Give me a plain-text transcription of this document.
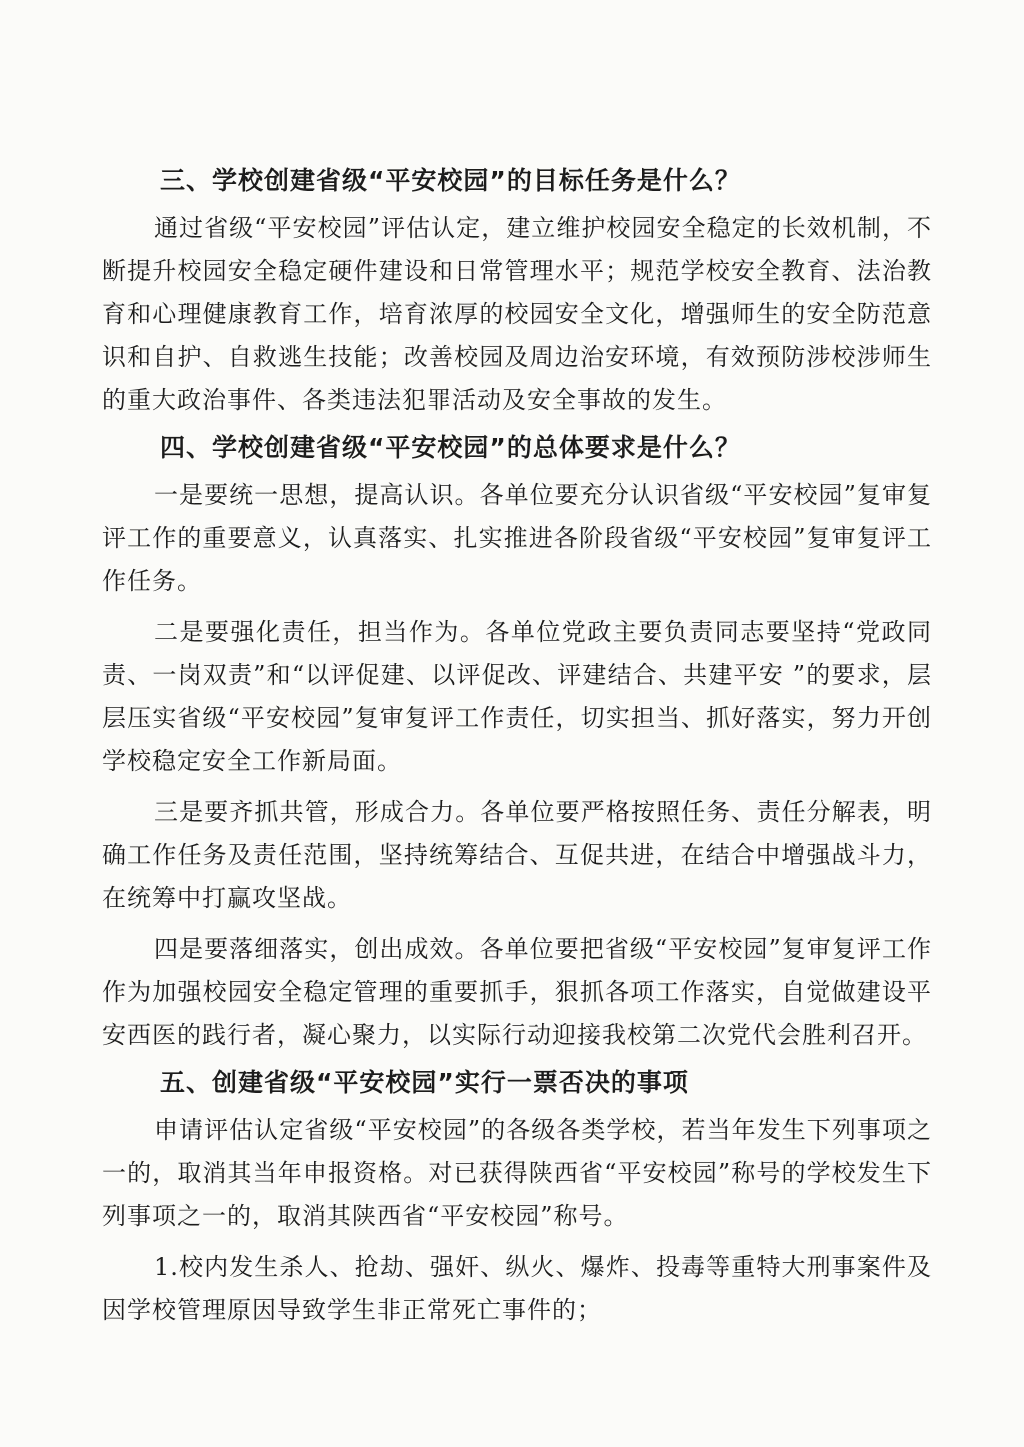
三、学校创建省级“平安校园”的目标任务是什么？

通过省级“平安校园”评估认定，建立维护校园安全稳定的长效机制，不断提升校园安全稳定硬件建设和日常管理水平；规范学校安全教育、法治教育和心理健康教育工作，培育浓厚的校园安全文化，增强师生的安全防范意识和自护、自救逃生技能；改善校园及周边治安环境，有效预防涉校涉师生的重大政治事件、各类违法犯罪活动及安全事故的发生。

四、学校创建省级“平安校园”的总体要求是什么？

一是要统一思想，提高认识。各单位要充分认识省级“平安校园”复审复评工作的重要意义，认真落实、扎实推进各阶段省级“平安校园”复审复评工作任务。

二是要强化责任，担当作为。各单位党政主要负责同志要坚持“党政同责、一岗双责”和“以评促建、以评促改、评建结合、共建平安 ”的要求，层层压实省级“平安校园”复审复评工作责任，切实担当、抓好落实，努力开创学校稳定安全工作新局面。

三是要齐抓共管，形成合力。各单位要严格按照任务、责任分解表，明确工作任务及责任范围，坚持统筹结合、互促共进，在结合中增强战斗力，在统筹中打赢攻坚战。

四是要落细落实，创出成效。各单位要把省级“平安校园”复审复评工作作为加强校园安全稳定管理的重要抓手，狠抓各项工作落实，自觉做建设平安西医的践行者，凝心聚力，以实际行动迎接我校第二次党代会胜利召开。

五、创建省级“平安校园”实行一票否决的事项

申请评估认定省级“平安校园”的各级各类学校，若当年发生下列事项之一的，取消其当年申报资格。对已获得陕西省“平安校园”称号的学校发生下列事项之一的，取消其陕西省“平安校园”称号。

1.校内发生杀人、抢劫、强奸、纵火、爆炸、投毒等重特大刑事案件及因学校管理原因导致学生非正常死亡事件的；
